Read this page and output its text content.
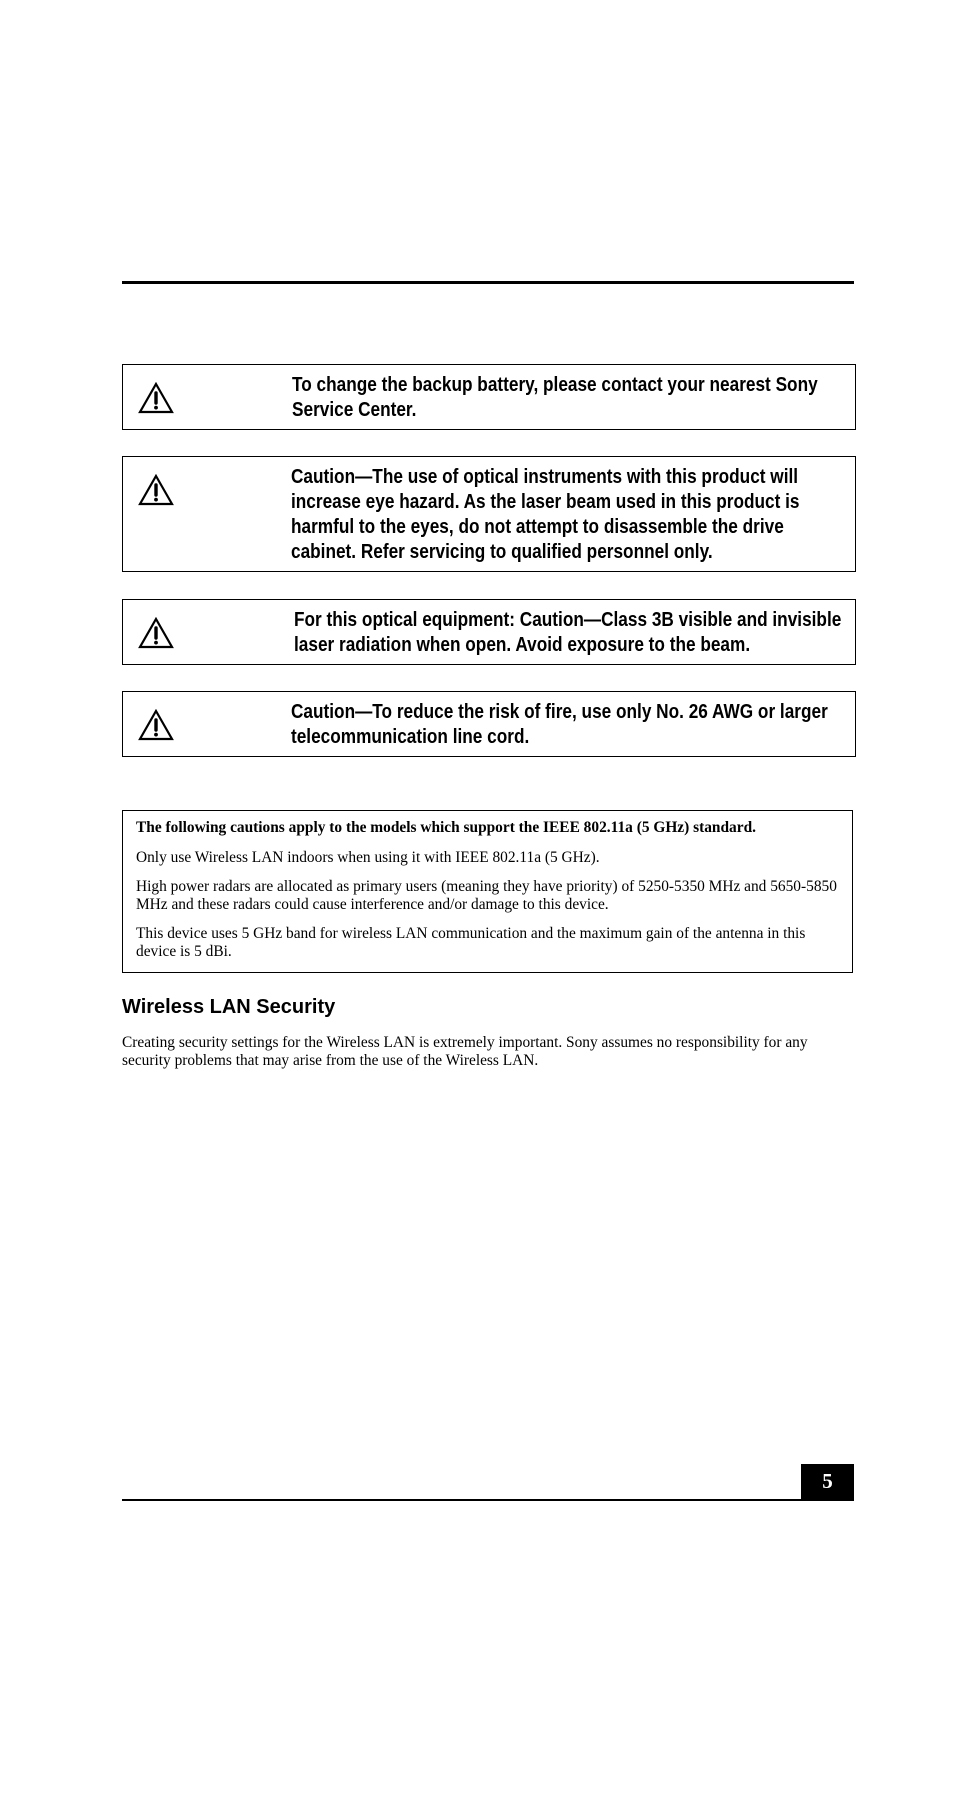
To change the backup battery, please contact your nearest Sony Service Center.
Caution—The use of optical instruments with this product will increase eye hazard. As the laser beam used in this product is harmful to the eyes, do not attempt to disassemble the drive cabinet. Refer servicing to qualified personnel only.
For this optical equipment: Caution—Class 3B visible and invisible laser radiation when open. Avoid exposure to the beam.
Caution—To reduce the risk of fire, use only No. 26 AWG or larger telecommunication line cord.

The following cautions apply to the models which support the IEEE 802.11a (5 GHz) standard.

Only use Wireless LAN indoors when using it with IEEE 802.11a (5 GHz).

High power radars are allocated as primary users (meaning they have priority) of 5250-5350 MHz and 5650-5850 MHz and these radars could cause interference and/or damage to this device.

This device uses 5 GHz band for wireless LAN communication and the maximum gain of the antenna in this device is 5 dBi.

Wireless LAN Security

Creating security settings for the Wireless LAN is extremely important. Sony assumes no responsibility for any security problems that may arise from the use of the Wireless LAN.

5
